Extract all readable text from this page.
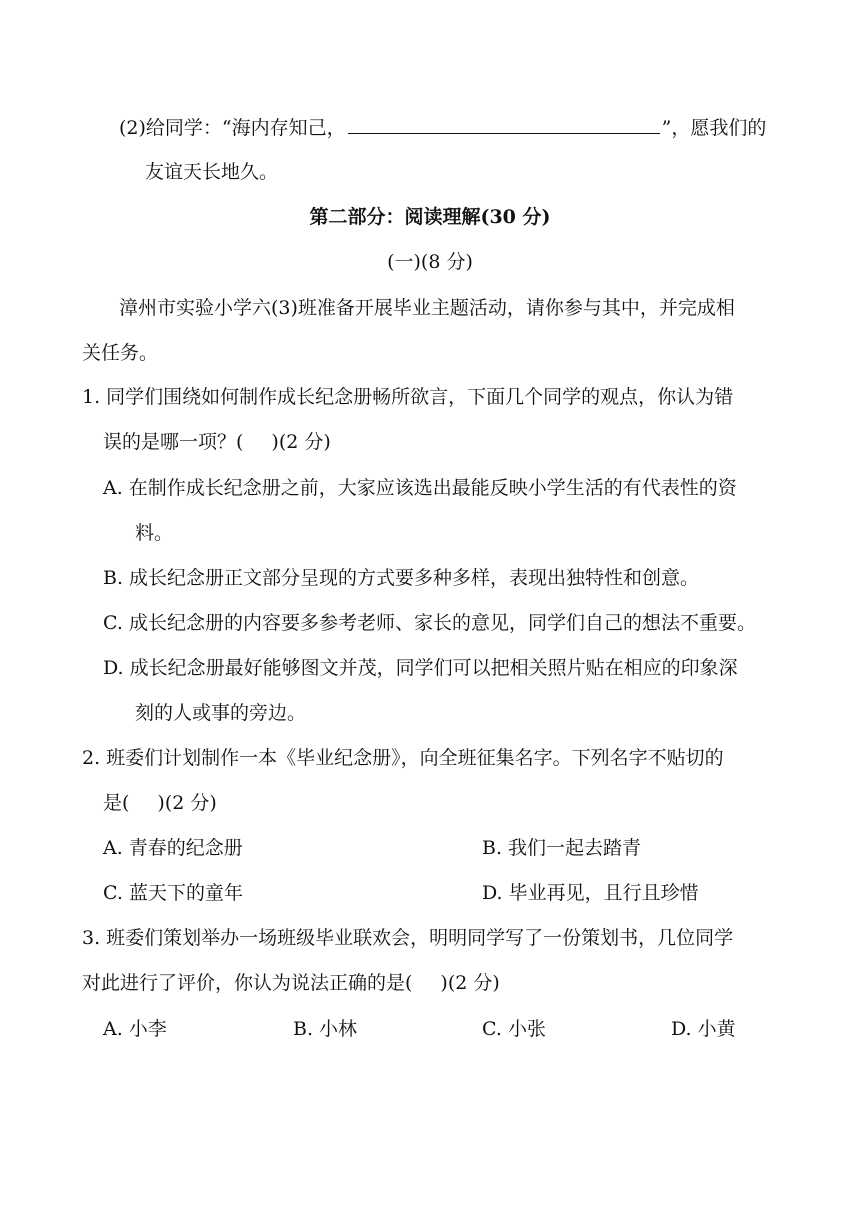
(2)给同学：“海内存知己，	”，愿我们的
友谊天长地久。
第二部分：阅读理解(30 分)
(一)(8 分)
漳州市实验小学六(3)班准备开展毕业主题活动，请你参与其中，并完成相
关任务。
1. 同学们围绕如何制作成长纪念册畅所欲言，下面几个同学的观点，你认为错
误的是哪一项？( )(2 分)
A. 在制作成长纪念册之前，大家应该选出最能反映小学生活的有代表性的资
料。
B. 成长纪念册正文部分呈现的方式要多种多样，表现出独特性和创意。
C. 成长纪念册的内容要多参考老师、家长的意见，同学们自己的想法不重要。
D. 成长纪念册最好能够图文并茂，同学们可以把相关照片贴在相应的印象深
刻的人或事的旁边。
2. 班委们计划制作一本《毕业纪念册》，向全班征集名字。下列名字不贴切的
是( )(2 分)
A. 青春的纪念册	B. 我们一起去踏青
C. 蓝天下的童年	D. 毕业再见，且行且珍惜
3. 班委们策划举办一场班级毕业联欢会，明明同学写了一份策划书，几位同学
对此进行了评价，你认为说法正确的是( )(2 分)
A. 小李	B. 小林	C. 小张	D. 小黄
